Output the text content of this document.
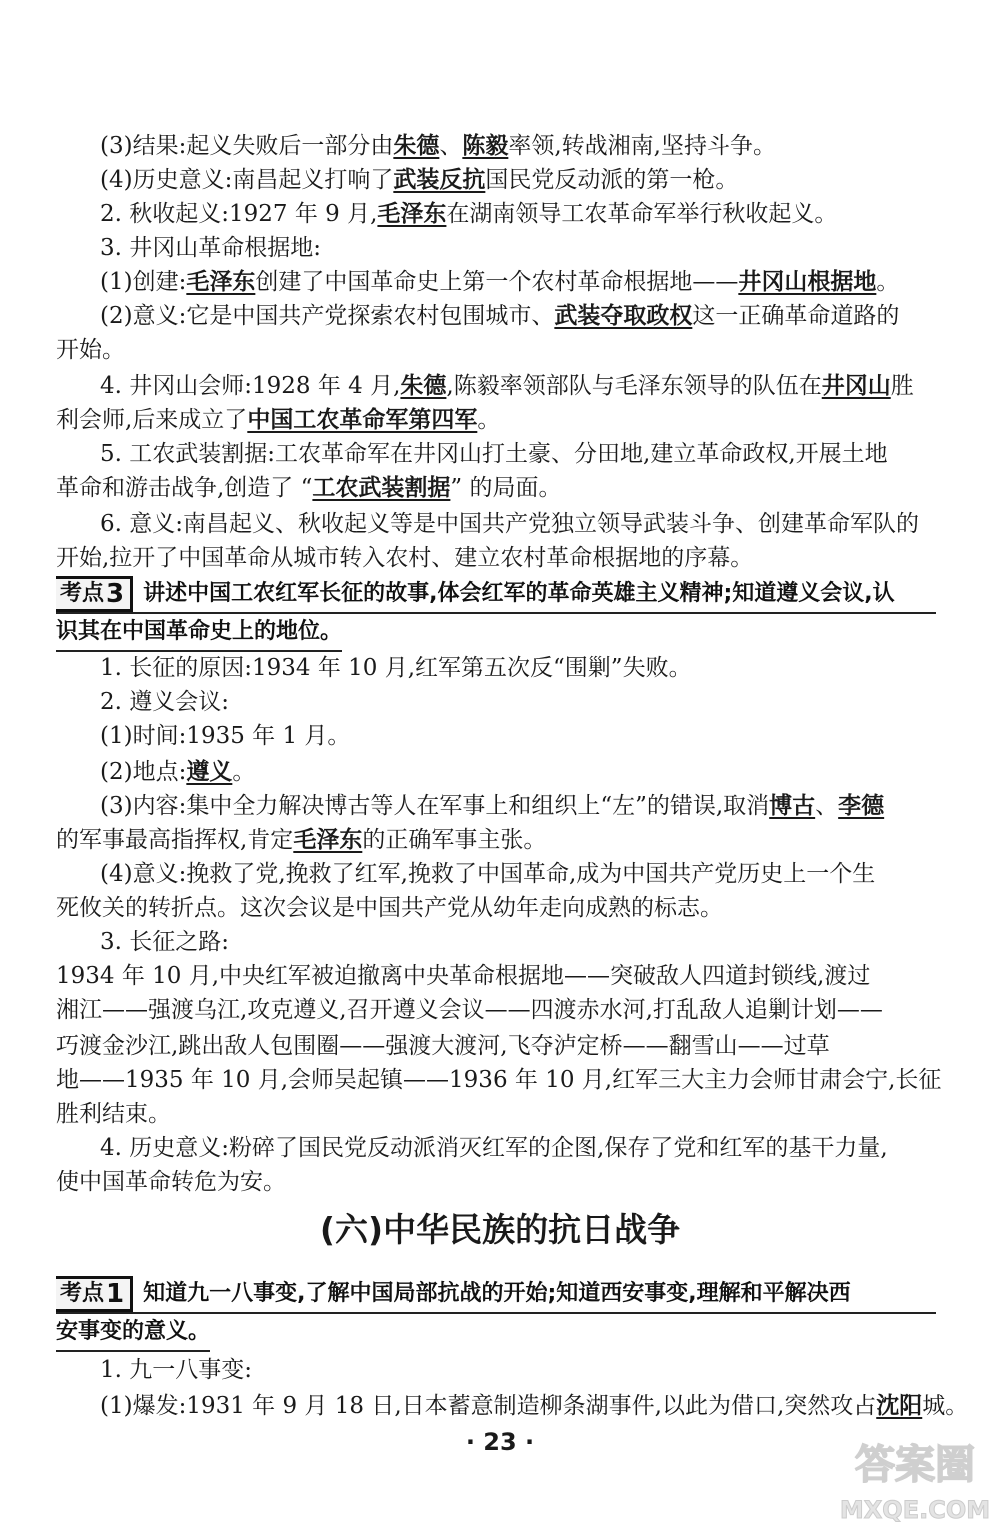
(3)结果:起义失败后一部分由朱德、陈毅率领,转战湘南,坚持斗争。
(4)历史意义:南昌起义打响了武装反抗国民党反动派的第一枪。
2. 秋收起义:1927 年 9 月,毛泽东在湖南领导工农革命军举行秋收起义。
3. 井冈山革命根据地:
(1)创建:毛泽东创建了中国革命史上第一个农村革命根据地——井冈山根据地。
(2)意义:它是中国共产党探索农村包围城市、武装夺取政权这一正确革命道路的
开始。
4. 井冈山会师:1928 年 4 月,朱德,陈毅率领部队与毛泽东领导的队伍在井冈山胜
利会师,后来成立了中国工农革命军第四军。
5. 工农武装割据:工农革命军在井冈山打土豪、分田地,建立革命政权,开展土地
革命和游击战争,创造了 “工农武装割据” 的局面。
6. 意义:南昌起义、秋收起义等是中国共产党独立领导武装斗争、创建革命军队的
开始,拉开了中国革命从城市转入农村、建立农村革命根据地的序幕。
考点 3 讲述中国工农红军长征的故事,体会红军的革命英雄主义精神;知道遵义会议,认
识其在中国革命史上的地位。
1. 长征的原因:1934 年 10 月,红军第五次反“围剿”失败。
2. 遵义会议:
(1)时间:1935 年 1 月。
(2)地点:遵义。
(3)内容:集中全力解决博古等人在军事上和组织上“左”的错误,取消博古、李德
的军事最高指挥权,肯定毛泽东的正确军事主张。
(4)意义:挽救了党,挽救了红军,挽救了中国革命,成为中国共产党历史上一个生
死攸关的转折点。这次会议是中国共产党从幼年走向成熟的标志。
3. 长征之路:
1934 年 10 月,中央红军被迫撤离中央革命根据地——突破敌人四道封锁线,渡过
湘江——强渡乌江,攻克遵义,召开遵义会议——四渡赤水河,打乱敌人追剿计划——
巧渡金沙江,跳出敌人包围圈——强渡大渡河,飞夺泸定桥——翻雪山——过草
地——1935 年 10 月,会师吴起镇——1936 年 10 月,红军三大主力会师甘肃会宁,长征
胜利结束。
4. 历史意义:粉碎了国民党反动派消灭红军的企图,保存了党和红军的基干力量,
使中国革命转危为安。
(六)中华民族的抗日战争
考点 1 知道九一八事变,了解中国局部抗战的开始;知道西安事变,理解和平解决西
安事变的意义。
1. 九一八事变:
(1)爆发:1931 年 9 月 18 日,日本蓄意制造柳条湖事件,以此为借口,突然攻占沈阳城。
· 23 ·	答案圈
MXQE.COM
